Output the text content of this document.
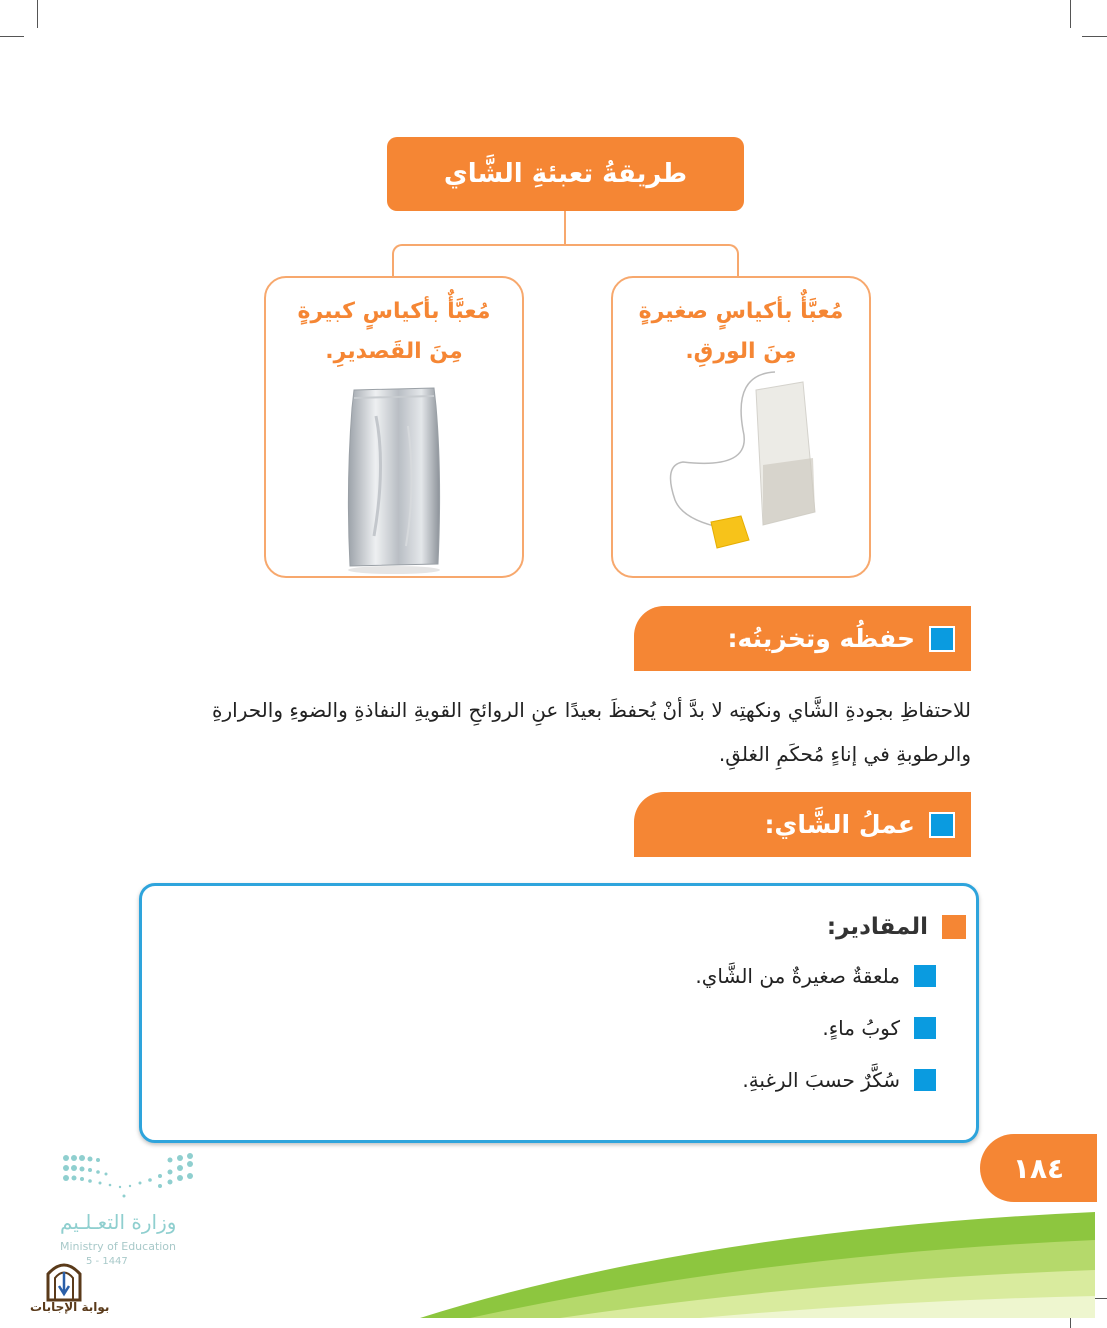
طريقةُ تعبئةِ الشَّاي
مُعبَّأٌ بأكياسٍ كبيرةٍ
مِنَ القَصديرِ.
مُعبَّأٌ بأكياسٍ صغيرةٍ
مِنَ الورقِ.
حفظُه وتخزينُه:
للاحتفاظِ بجودةِ الشَّاي ونكهتِه لا بدَّ أنْ يُحفظَ بعيدًا عنِ الروائحِ القويةِ النفاذةِ والضوءِ والحرارةِ والرطوبةِ في إناءٍ مُحكَمِ الغلقِ.
عملُ الشَّاي:
المقادير:
ملعقةٌ صغيرةٌ من الشَّاي.
كوبُ ماءٍ.
سُكَّرٌ حسبَ الرغبةِ.
١٨٤
وزارة التعـلـيم
Ministry of Education
5 - 1447
بوابة الإجابات
